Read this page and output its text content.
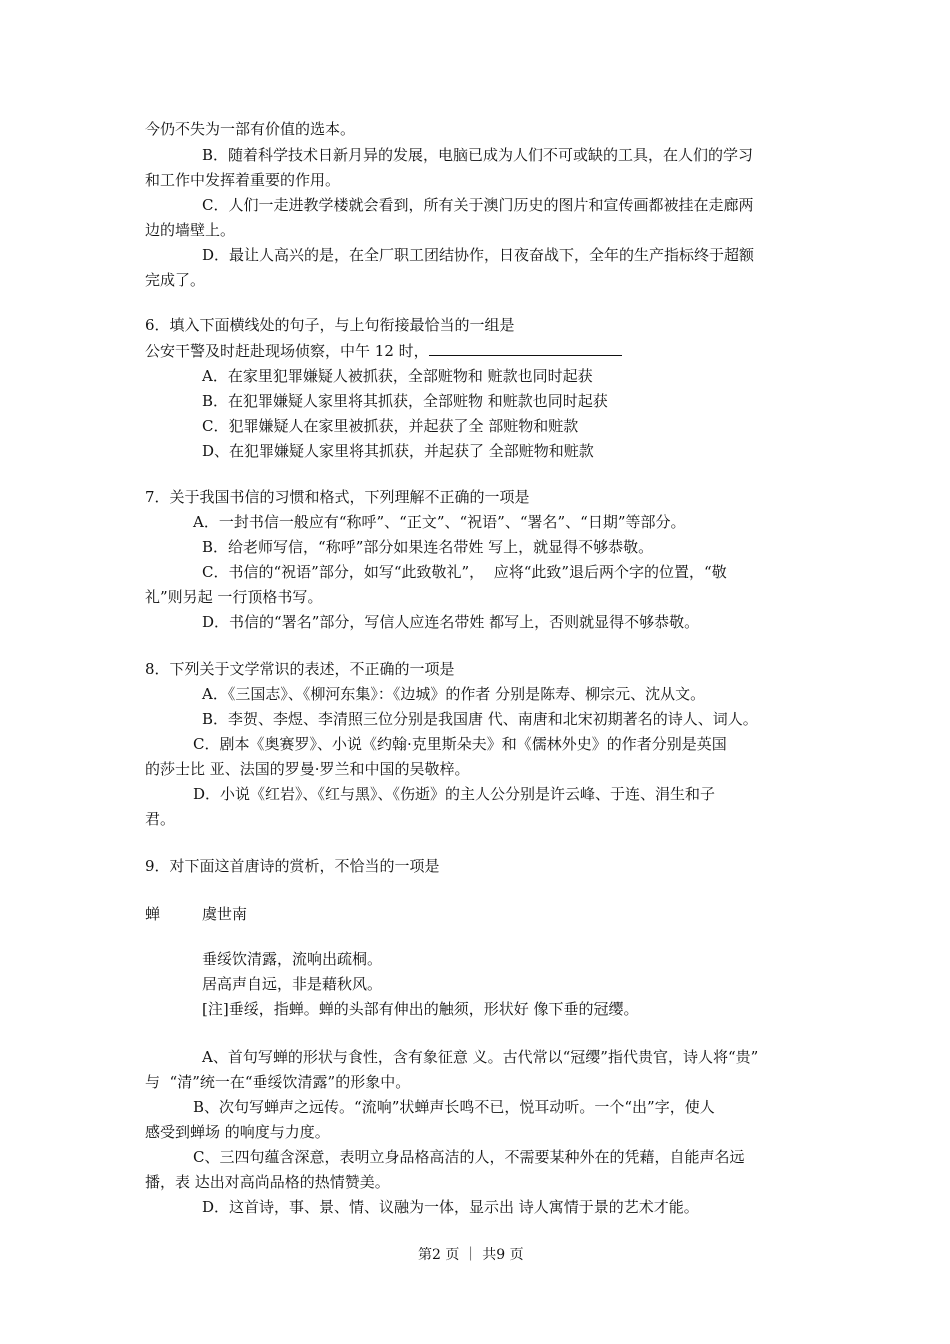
今仍不失为一部有价值的选本。
B．随着科学技术日新月异的发展，电脑已成为人们不可或缺的工具，在人们的学习
和工作中发挥着重要的作用。
C．人们一走进教学楼就会看到，所有关于澳门历史的图片和宣传画都被挂在走廊两
边的墙壁上。
D．最让人高兴的是，在全厂职工团结协作，日夜奋战下，全年的生产指标终于超额
完成了。
6．填入下面横线处的句子，与上句衔接最恰当的一组是
公安干警及时赶赴现场侦察，中午 12 时，
A．在家里犯罪嫌疑人被抓获，全部赃物和 赃款也同时起获
B．在犯罪嫌疑人家里将其抓获，全部赃物 和赃款也同时起获
C．犯罪嫌疑人在家里被抓获，并起获了全 部赃物和赃款
D、在犯罪嫌疑人家里将其抓获，并起获了 全部赃物和赃款
7．关于我国书信的习惯和格式，下列理解不正确的一项是
A．一封书信一般应有“称呼”、“正文”、“祝语”、“署名”、“日期”等部分。
B．给老师写信，“称呼”部分如果连名带姓 写上，就显得不够恭敬。
C．书信的“祝语”部分，如写“此致敬礼”，  应将“此致”退后两个字的位置，“敬
礼”则另起 一行顶格书写。
D．书信的“署名”部分，写信人应连名带姓 都写上，否则就显得不够恭敬。
8．下列关于文学常识的表述，不正确的一项是
A．《三国志》、《柳河东集》：《边城》的作者 分别是陈寿、柳宗元、沈从文。
B．李贺、李煜、李清照三位分别是我国唐 代、南唐和北宋初期著名的诗人、词人。
C．剧本《奥赛罗》、小说《约翰·克里斯朵夫》和《儒林外史》的作者分别是英国
的莎士比 亚、法国的罗曼·罗兰和中国的吴敬梓。
D．小说《红岩》、《红与黑》、《伤逝》的主人公分别是许云峰、于连、涓生和子
君。
9．对下面这首唐诗的赏析，不恰当的一项是
蝉	虞世南
垂绥饮清露，流响出疏桐。
居高声自远，非是藉秋风。
[注]垂绥，指蝉。蝉的头部有伸出的触须，形状好 像下垂的冠缨。
A、首句写蝉的形状与食性，含有象征意 义。古代常以“冠缨”指代贵官，诗人将“贵”
与  “清”统一在“垂绥饮清露”的形象中。
B、次句写蝉声之远传。“流响”状蝉声长鸣不已，悦耳动听。一个“出”字，使人
感受到蝉场 的响度与力度。
C、三四句蕴含深意，表明立身品格高洁的人，不需要某种外在的凭藉，自能声名远
播，表 达出对高尚品格的热情赞美。
D．这首诗，事、景、情、议融为一体，显示出 诗人寓情于景的艺术才能。
第2 页 ｜ 共9 页
